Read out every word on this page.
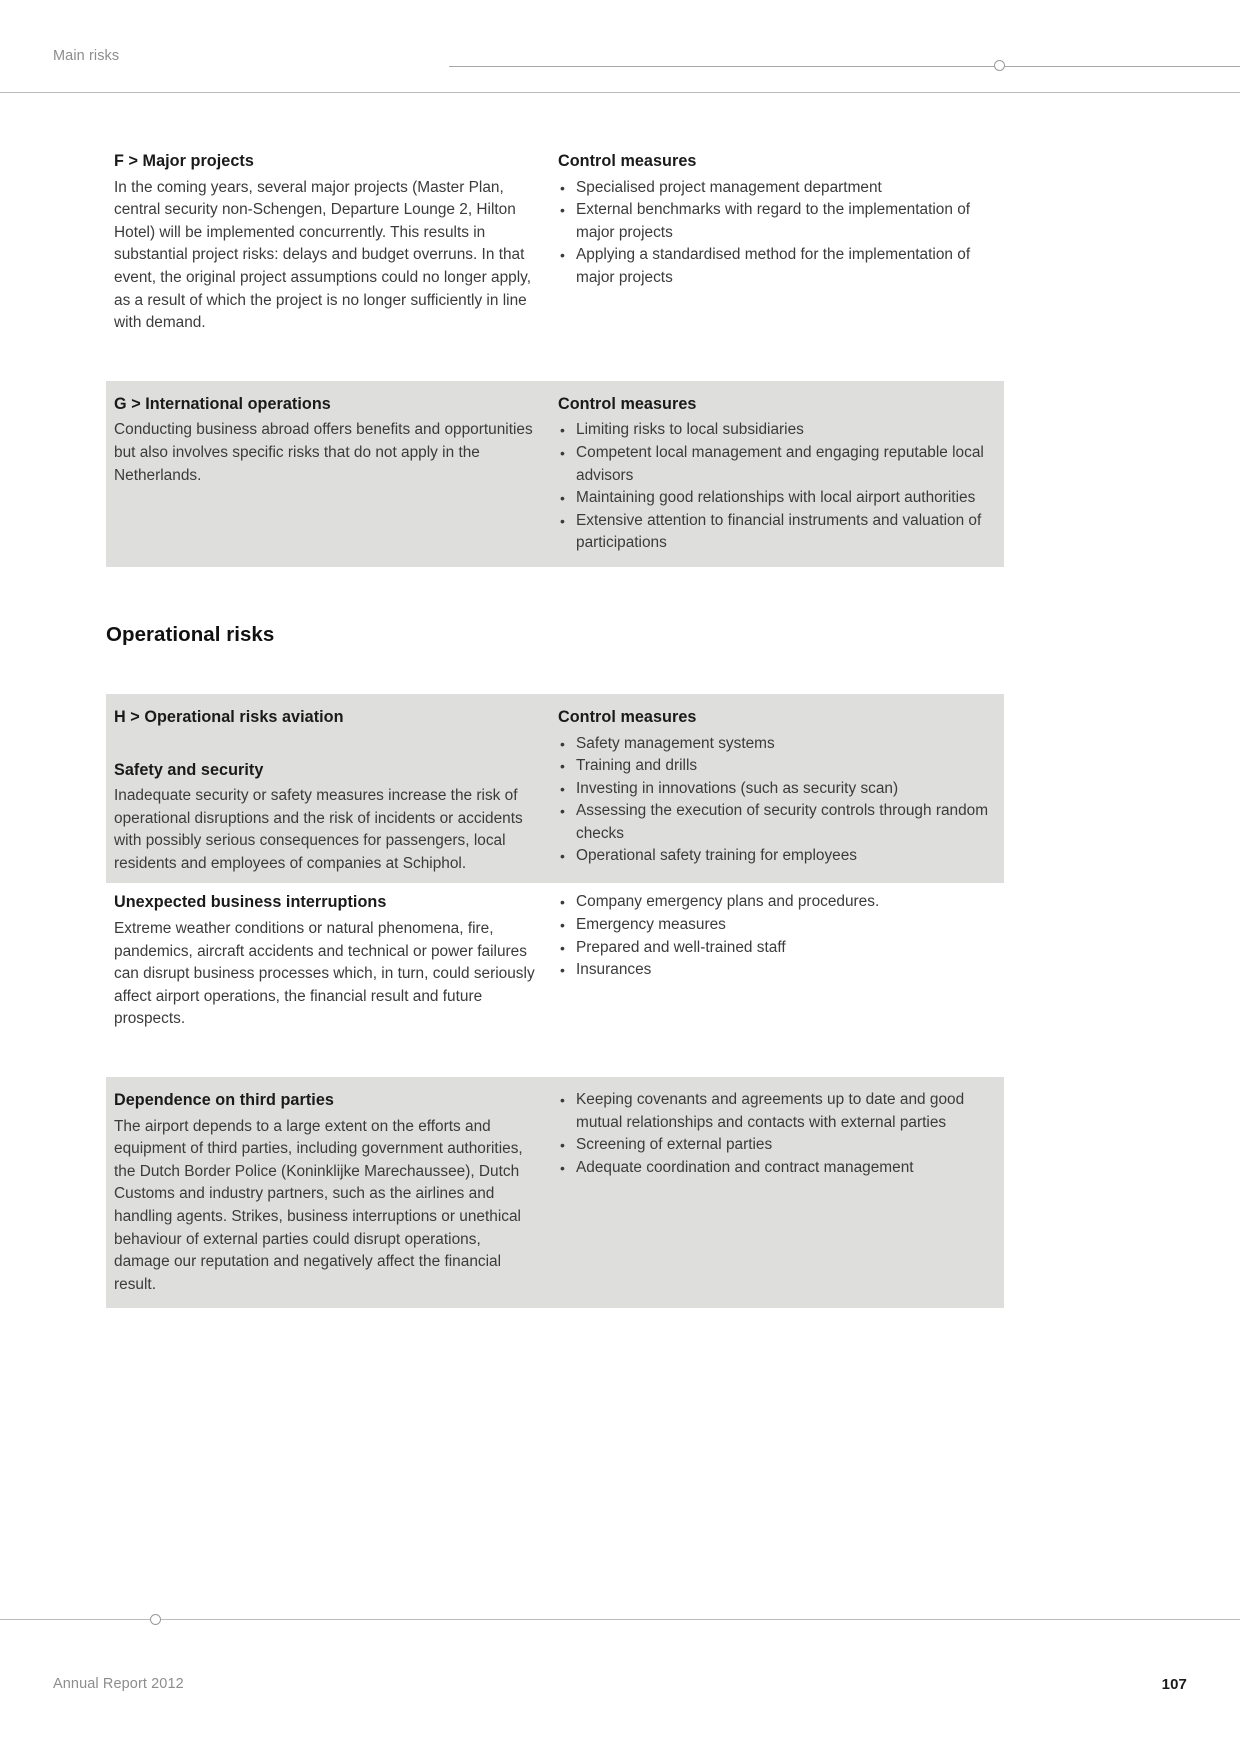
Main risks
F > Major projects

In the coming years, several major projects (Master Plan, central security non-Schengen, Departure Lounge 2, Hilton Hotel) will be implemented concurrently. This results in substantial project risks: delays and budget overruns. In that event, the original project assumptions could no longer apply, as a result of which the project is no longer sufficiently in line with demand.

Control measures
• Specialised project management department
• External benchmarks with regard to the implementation of major projects
• Applying a standardised method for the implementation of major projects
G > International operations

Conducting business abroad offers benefits and opportunities but also involves specific risks that do not apply in the Netherlands.

Control measures
• Limiting risks to local subsidiaries
• Competent local management and engaging reputable local advisors
• Maintaining good relationships with local airport authorities
• Extensive attention to financial instruments and valuation of participations
Operational risks
H > Operational risks aviation
Safety and security

Inadequate security or safety measures increase the risk of operational disruptions and the risk of incidents or accidents with possibly serious consequences for passengers, local residents and employees of companies at Schiphol.

Control measures
• Safety management systems
• Training and drills
• Investing in innovations (such as security scan)
• Assessing the execution of security controls through random checks
• Operational safety training for employees
Unexpected business interruptions

Extreme weather conditions or natural phenomena, fire, pandemics, aircraft accidents and technical or power failures can disrupt business processes which, in turn, could seriously affect airport operations, the financial result and future prospects.

• Company emergency plans and procedures.
• Emergency measures
• Prepared and well-trained staff
• Insurances
Dependence on third parties

The airport depends to a large extent on the efforts and equipment of third parties, including government authorities, the Dutch Border Police (Koninklijke Marechaussee), Dutch Customs and industry partners, such as the airlines and handling agents. Strikes, business interruptions or unethical behaviour of external parties could disrupt operations, damage our reputation and negatively affect the financial result.

• Keeping covenants and agreements up to date and good mutual relationships and contacts with external parties
• Screening of external parties
• Adequate coordination and contract management
Annual Report 2012	107
